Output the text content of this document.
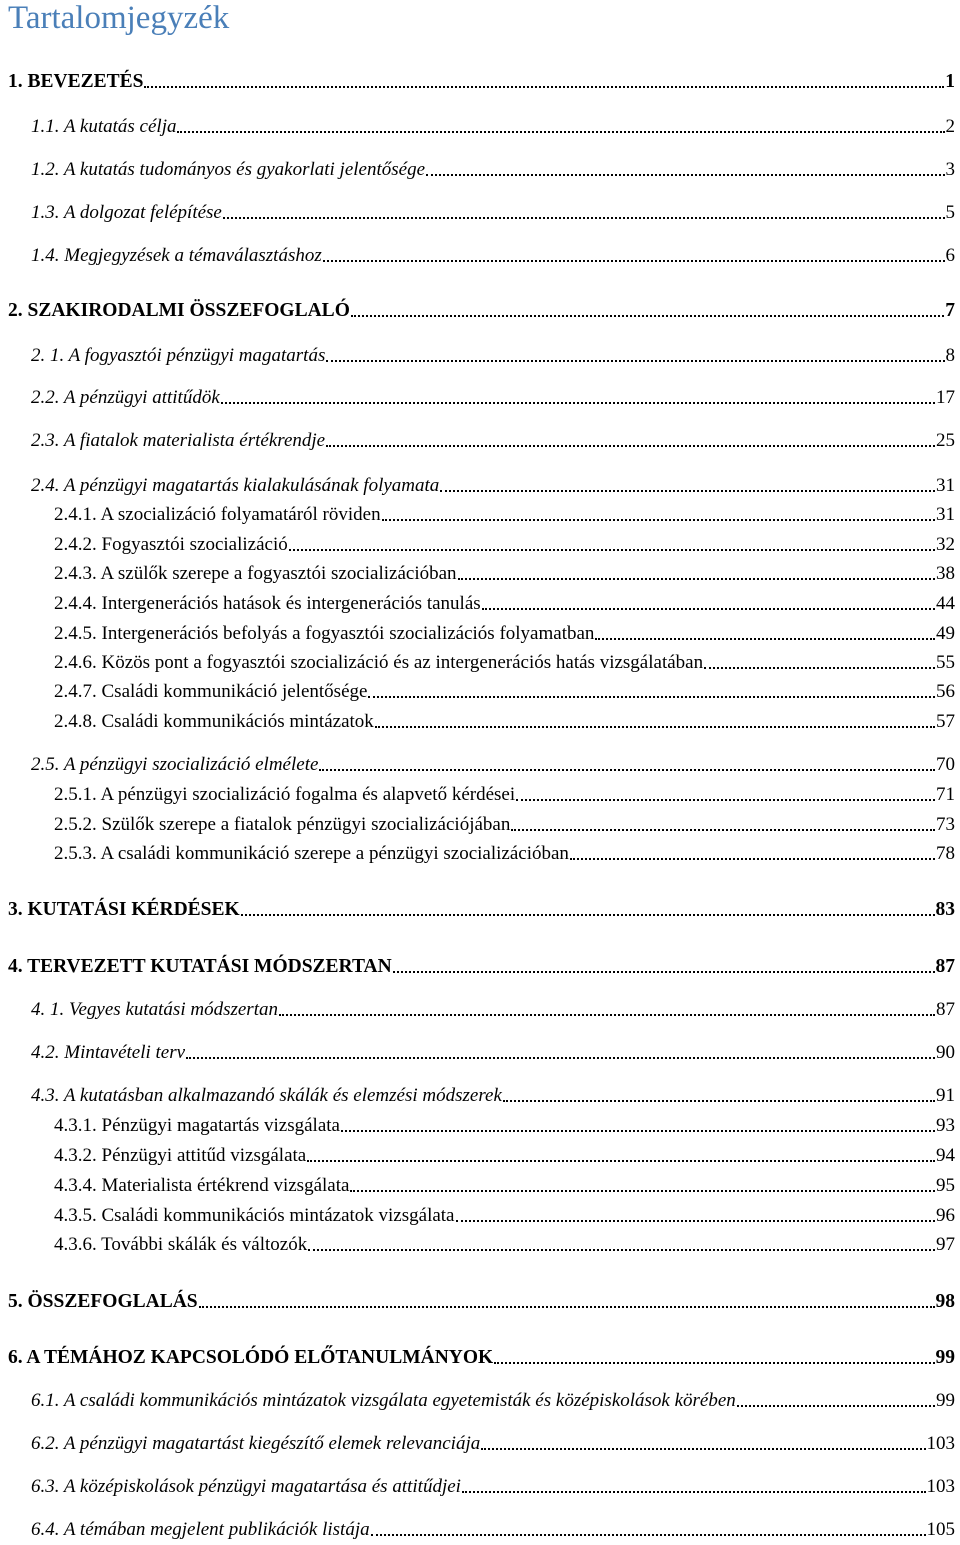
Tartalomjegyzék
1. BEVEZETÉS	1
1.1. A kutatás célja	2
1.2. A kutatás tudományos és gyakorlati jelentősége	3
1.3. A dolgozat felépítése	5
1.4. Megjegyzések a témaválasztáshoz	6
2. SZAKIRODALMI ÖSSZEFOGLALÓ	7
2. 1. A fogyasztói pénzügyi magatartás	8
2.2. A pénzügyi attitűdök	17
2.3. A fiatalok materialista értékrendje	25
2.4. A pénzügyi magatartás kialakulásának folyamata	31
2.4.1. A szocializáció folyamatáról röviden	31
2.4.2. Fogyasztói szocializáció	32
2.4.3. A szülők szerepe a fogyasztói szocializációban	38
2.4.4. Intergenerációs hatások és intergenerációs tanulás	44
2.4.5. Intergenerációs befolyás a fogyasztói szocializációs folyamatban	49
2.4.6. Közös pont a fogyasztói szocializáció és az intergenerációs hatás vizsgálatában	55
2.4.7. Családi kommunikáció jelentősége	56
2.4.8. Családi kommunikációs mintázatok	57
2.5. A pénzügyi szocializáció elmélete	70
2.5.1. A pénzügyi szocializáció fogalma és alapvető kérdései	71
2.5.2. Szülők szerepe a fiatalok pénzügyi szocializációjában	73
2.5.3. A családi kommunikáció szerepe a pénzügyi szocializációban	78
3. KUTATÁSI KÉRDÉSEK	83
4. TERVEZETT KUTATÁSI MÓDSZERTAN	87
4. 1. Vegyes kutatási módszertan	87
4.2. Mintavételi terv	90
4.3. A kutatásban alkalmazandó skálák és elemzési módszerek	91
4.3.1. Pénzügyi magatartás vizsgálata	93
4.3.2. Pénzügyi attitűd vizsgálata	94
4.3.4. Materialista értékrend vizsgálata	95
4.3.5. Családi kommunikációs mintázatok vizsgálata	96
4.3.6. További skálák és változók	97
5. ÖSSZEFOGLALÁS	98
6. A TÉMÁHOZ KAPCSOLÓDÓ ELŐTANULMÁNYOK	99
6.1. A családi kommunikációs mintázatok vizsgálata egyetemisták és középiskolások körében	99
6.2. A pénzügyi magatartást kiegészítő elemek relevanciája	103
6.3. A középiskolások pénzügyi magatartása és attitűdjei	103
6.4. A témában megjelent publikációk listája	105
